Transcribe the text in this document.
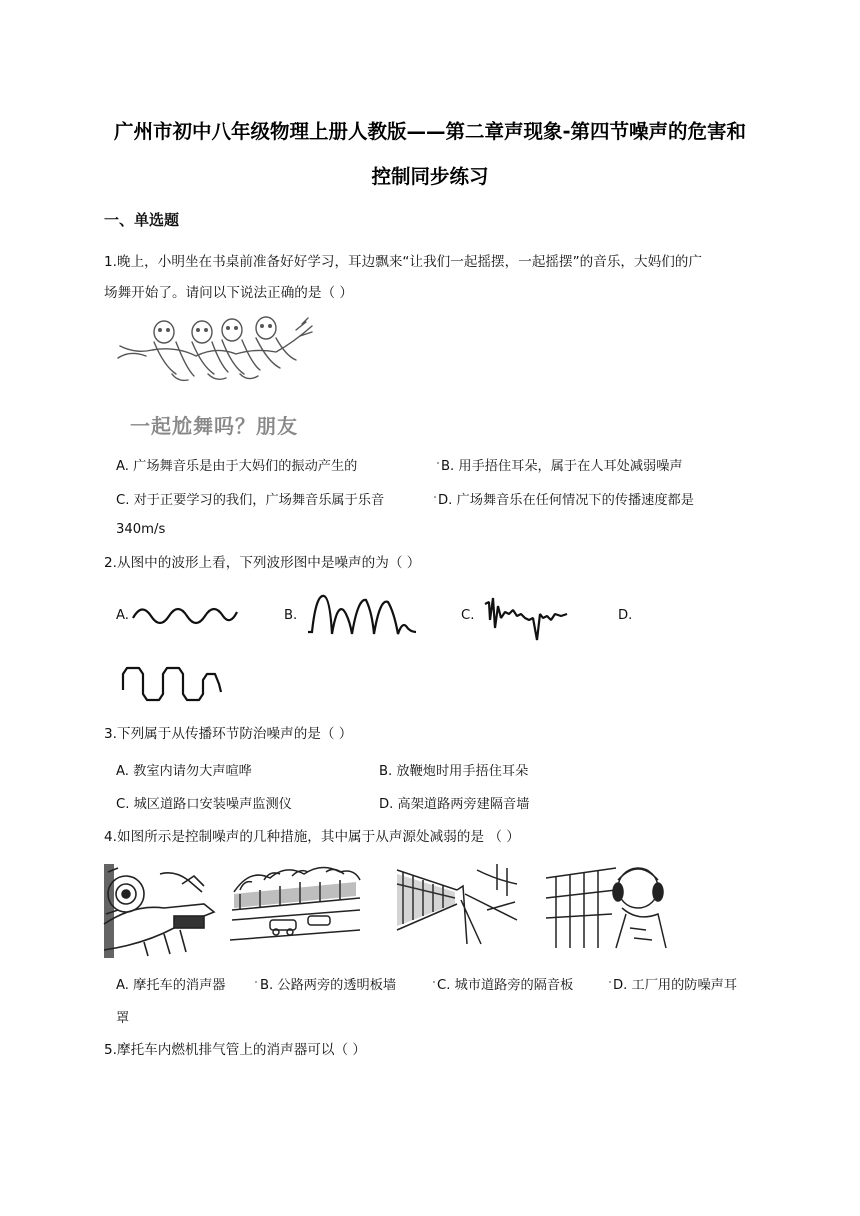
广州市初中八年级物理上册人教版——第二章声现象-第四节噪声的危害和
控制同步练习
一、单选题
1.晚上，小明坐在书桌前准备好好学习，耳边飘来“让我们一起摇摆，一起摇摆”的音乐，大妈们的广
场舞开始了。请问以下说法正确的是（ ）
一起尬舞吗？朋友
A. 广场舞音乐是由于大妈们的振动产生的	B. 用手捂住耳朵，属于在人耳处减弱噪声
C. 对于正要学习的我们，广场舞音乐属于乐音	D. 广场舞音乐在任何情况下的传播速度都是
340m/s
2.从图中的波形上看，下列波形图中是噪声的为（ ）
A.	B.	C.	D.
3.下列属于从传播环节防治噪声的是（ ）
A. 教室内请勿大声喧哗	B. 放鞭炮时用手捂住耳朵
C. 城区道路口安装噪声监测仪	D. 高架道路两旁建隔音墙
4.如图所示是控制噪声的几种措施，其中属于从声源处减弱的是 （ ）
A. 摩托车的消声器	B. 公路两旁的透明板墙	C. 城市道路旁的隔音板	D. 工厂用的防噪声耳
罩
5.摩托车内燃机排气管上的消声器可以（ ）
